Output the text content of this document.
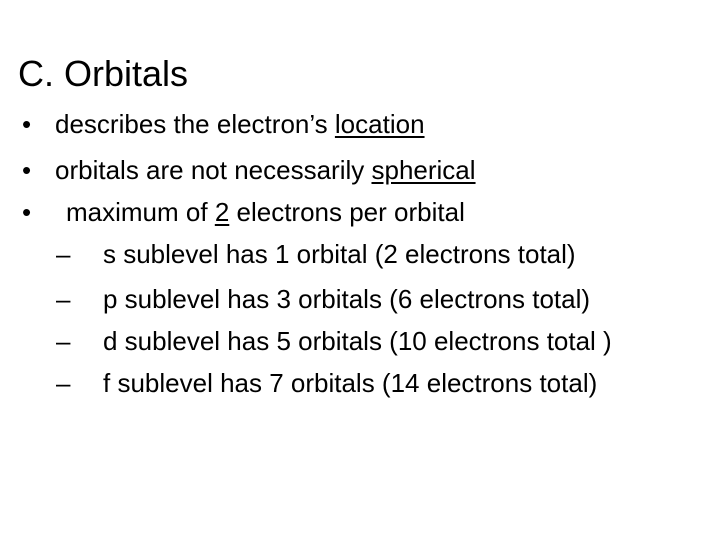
C. Orbitals
• describes the electron’s location
• orbitals are not necessarily spherical
• maximum of 2 electrons per orbital
– s sublevel has 1 orbital (2 electrons total)
– p sublevel has 3 orbitals (6 electrons total)
– d sublevel has 5 orbitals (10 electrons total )
– f sublevel has 7 orbitals (14 electrons total)
